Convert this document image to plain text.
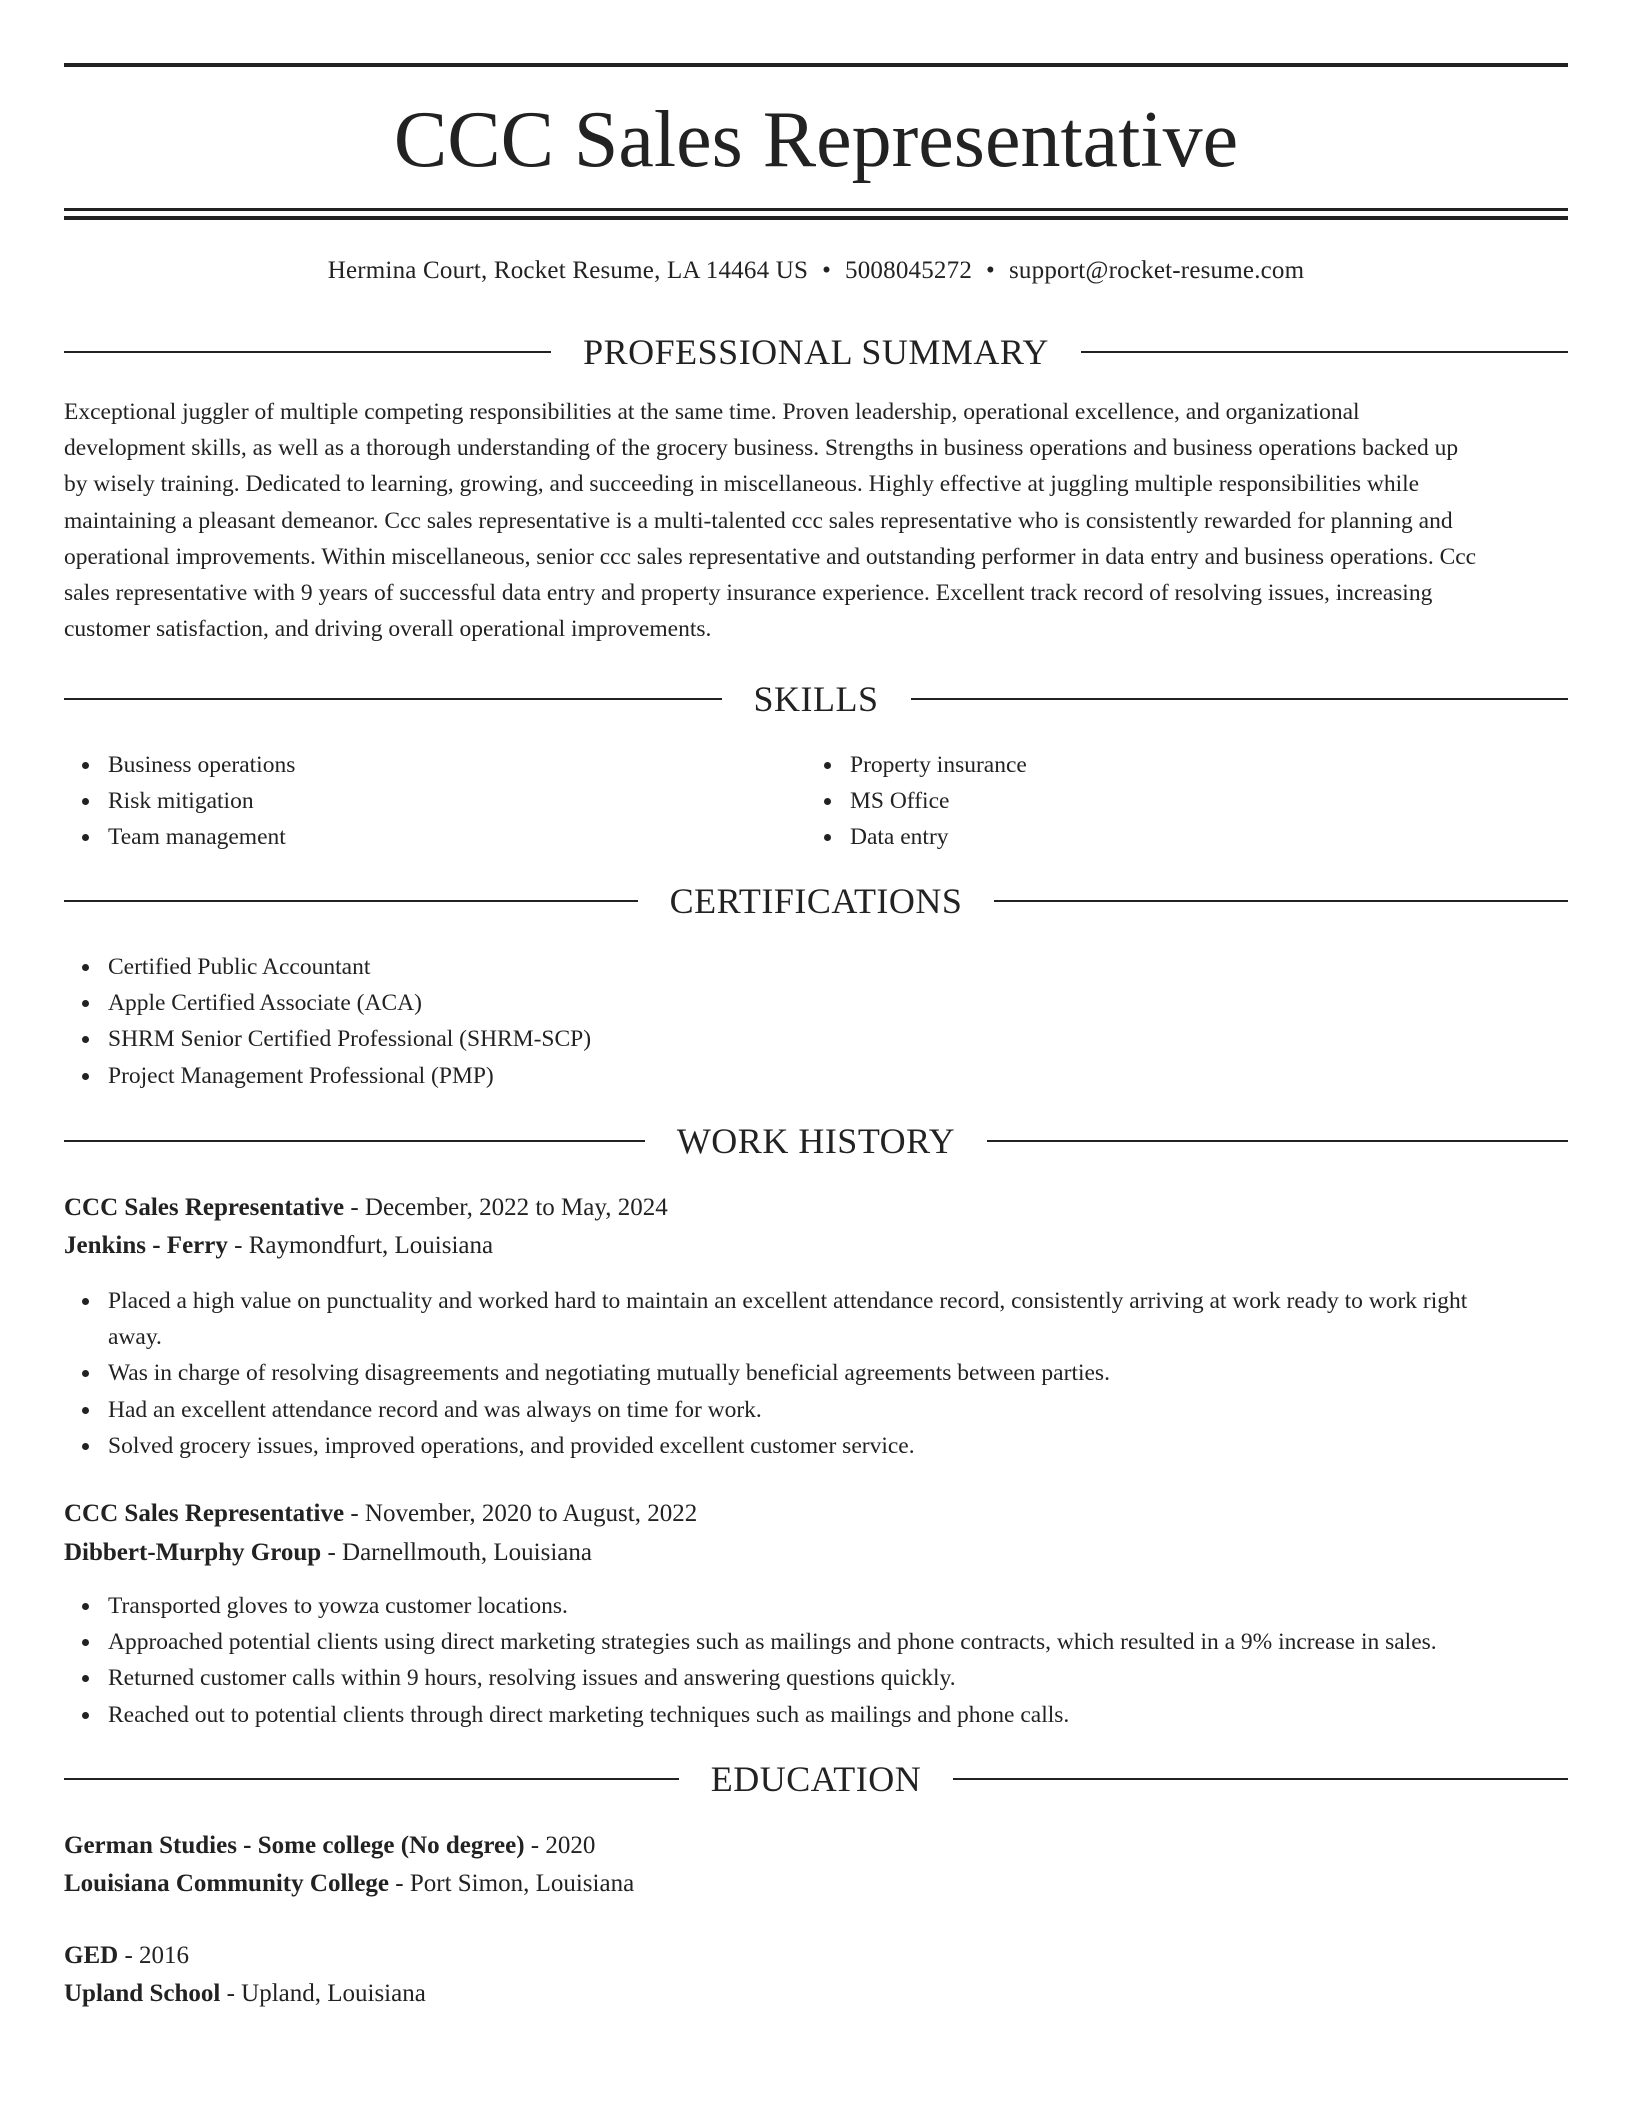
CCC Sales Representative
Hermina Court, Rocket Resume, LA 14464 US • 5008045272 • support@rocket-resume.com
PROFESSIONAL SUMMARY
Exceptional juggler of multiple competing responsibilities at the same time. Proven leadership, operational excellence, and organizational
development skills, as well as a thorough understanding of the grocery business. Strengths in business operations and business operations backed up
by wisely training. Dedicated to learning, growing, and succeeding in miscellaneous. Highly effective at juggling multiple responsibilities while
maintaining a pleasant demeanor. Ccc sales representative is a multi-talented ccc sales representative who is consistently rewarded for planning and
operational improvements. Within miscellaneous, senior ccc sales representative and outstanding performer in data entry and business operations. Ccc
sales representative with 9 years of successful data entry and property insurance experience. Excellent track record of resolving issues, increasing
customer satisfaction, and driving overall operational improvements.
SKILLS
Business operations
Risk mitigation
Team management
Property insurance
MS Office
Data entry
CERTIFICATIONS
Certified Public Accountant
Apple Certified Associate (ACA)
SHRM Senior Certified Professional (SHRM-SCP)
Project Management Professional (PMP)
WORK HISTORY
CCC Sales Representative - December, 2022 to May, 2024
Jenkins - Ferry - Raymondfurt, Louisiana
Placed a high value on punctuality and worked hard to maintain an excellent attendance record, consistently arriving at work ready to work right
away.
Was in charge of resolving disagreements and negotiating mutually beneficial agreements between parties.
Had an excellent attendance record and was always on time for work.
Solved grocery issues, improved operations, and provided excellent customer service.
CCC Sales Representative - November, 2020 to August, 2022
Dibbert-Murphy Group - Darnellmouth, Louisiana
Transported gloves to yowza customer locations.
Approached potential clients using direct marketing strategies such as mailings and phone contracts, which resulted in a 9% increase in sales.
Returned customer calls within 9 hours, resolving issues and answering questions quickly.
Reached out to potential clients through direct marketing techniques such as mailings and phone calls.
EDUCATION
German Studies - Some college (No degree) - 2020
Louisiana Community College - Port Simon, Louisiana
GED - 2016
Upland School - Upland, Louisiana
